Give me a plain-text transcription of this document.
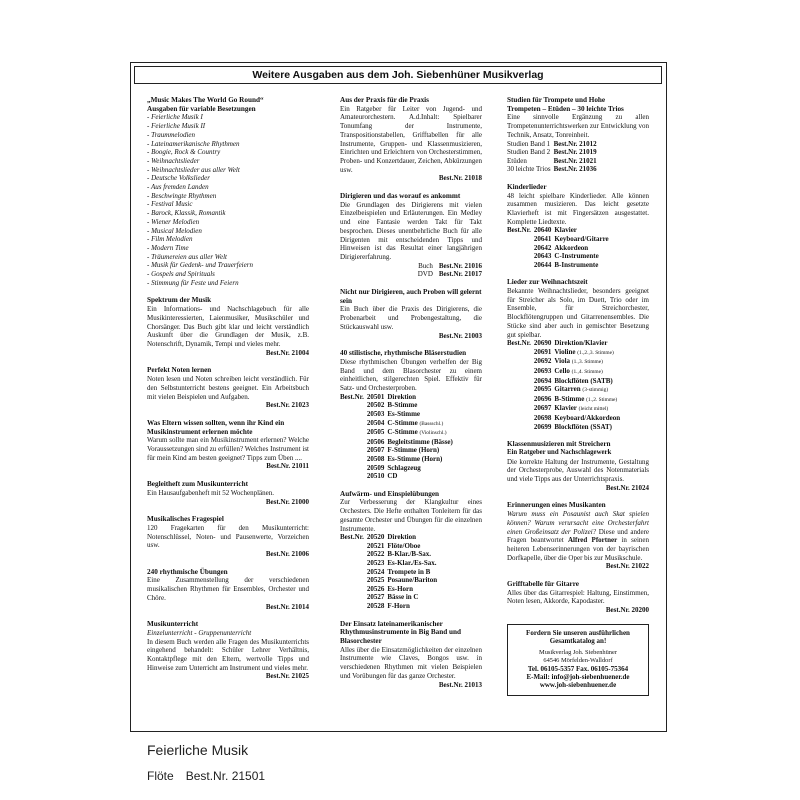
Weitere Ausgaben aus dem Joh. Siebenhüner Musikverlag
„Music Makes The World Go Round“
Ausgaben für variable Besetzungen
- Feierliche Musik I
- Feierliche Musik II
- Traummelodien
- Lateinamerikanische Rhythmen
- Boogie, Rock & Country
- Weihnachtslieder
- Weihnachtslieder aus aller Welt
- Deutsche Volkslieder
- Aus fremden Landen
- Beschwingte Rhythmen
- Festival Music
- Barock, Klassik, Romantik
- Wiener Melodien
- Musical Melodien
- Film Melodien
- Modern Time
- Träumereien aus aller Welt
- Musik für Gedenk- und Trauerfeiern
- Gospels and Spirituals
- Stimmung für Feste und Feiern
Spektrum der Musik
Ein Informations- und Nachschlagebuch für alle Musikinteressierten, Laienmusiker, Musikschüler und Chorsänger. Das Buch gibt klar und leicht verständlich Auskunft über die Grundlagen der Musik, z.B. Notenschrift, Dynamik, Tempi und vieles mehr.
Best.Nr. 21004
Perfekt Noten lernen
Noten lesen und Noten schreiben leicht verständlich. Für den Selbstunterricht bestens geeignet. Ein Arbeitsbuch mit vielen Beispielen und Aufgaben.
Best.Nr. 21023
Was Eltern wissen sollten, wenn ihr Kind ein Musikinstrument erlernen möchte
Warum sollte man ein Musikinstrument erlernen? Welche Voraussetzungen sind zu erfüllen? Welches Instrument ist für mein Kind am besten geeignet? Tipps zum Üben ....
Best.Nr. 21011
Begleitheft zum Musikunterricht
Ein Hausaufgabenheft mit 52 Wochenplänen.
Best.Nr. 21000
Musikalisches Fragespiel
120 Fragekarten für den Musikunterricht: Notenschlüssel, Noten- und Pausenwerte, Vorzeichen usw.
Best.Nr. 21006
240 rhythmische Übungen
Eine Zusammenstellung der verschiedenen musikalischen Rhythmen für Ensembles, Orchester und Chöre.
Best.Nr. 21014
Musikunterricht
Einzelunterricht - Gruppenunterricht
In diesem Buch werden alle Fragen des Musikunterrichts eingehend behandelt: Schüler Lehrer Verhältnis, Kontaktpflege mit den Eltern, wertvolle Tipps und Hinweise zum Unterricht am Instrument und vieles mehr.
Best.Nr. 21025
Aus der Praxis für die Praxis
Ein Ratgeber für Leiter von Jugend- und Amateurorchestern. A.d.Inhalt: Spielbarer Tonumfang der Instrumente, Transpositionstabellen, Grifftabellen für alle Instrumente, Gruppen- und Klassenmusizieren, Einrichten und Erleichtern von Orchesterstimmen, Proben- und Konzertdauer, Zeichen, Abkürzungen usw.
Best.Nr. 21018
Dirigieren und das worauf es ankommt
Die Grundlagen des Dirigierens mit vielen Einzelbeispielen und Erläuterungen. Ein Medley und eine Fantasie werden Takt für Takt besprochen. Dieses unentbehrliche Buch für alle Dirigenten mit entscheidenden Tipps und Hinweisen ist das Resultat einer langjährigen Dirigiererfahrung.
Buch Best.Nr. 21016
DVD Best.Nr. 21017
Nicht nur Dirigieren, auch Proben will gelernt sein
Ein Buch über die Praxis des Dirigierens, die Probenarbeit und Probengestaltung, die Stückauswahl usw.
Best.Nr. 21003
40 stilistische, rhythmische Bläserstudien
Diese rhythmischen Übungen verhelfen der Big Band und dem Blasorchester zu einem einheitlichen, stilgerechten Spiel. Effektiv für Satz- und Orchesterproben.
Best.Nr.	20501	Direktion
	20502	B-Stimme
	20503	Es-Stimme
	20504	C-Stimme (Bassschl.)
	20505	C-Stimme (Violinschl.)
	20506	Begleitstimme (Bässe)
	20507	F-Stimme (Horn)
	20508	Es-Stimme (Horn)
	20509	Schlagzeug
	20510	CD
Aufwärm- und Einspielübungen
Zur Verbesserung der Klangkultur eines Orchesters. Die Hefte enthalten Tonleitern für das gesamte Orchester und Übungen für die einzelnen Instrumente.
Best.Nr.	20520	Direktion
	20521	Flöte/Oboe
	20522	B-Klar./B-Sax.
	20523	Es-Klar./Es-Sax.
	20524	Trompete in B
	20525	Posaune/Bariton
	20526	Es-Horn
	20527	Bässe in C
	20528	F-Horn
Der Einsatz lateinamerikanischer Rhythmusinstrumente in Big Band und Blasorchester
Alles über die Einsatzmöglichkeiten der einzelnen Instrumente wie Claves, Bongos usw. in verschiedenen Rhythmen mit vielen Beispielen und Vorübungen für das ganze Orchester.
Best.Nr. 21013
Studien für Trompete und Hohe
Trompeten – Etüden – 30 leichte Trios
Eine sinnvolle Ergänzung zu allen Trompetenunterrichtswerken zur Entwicklung von Technik, Ansatz, Tonreinheit.
Studien Band 1	Best.Nr. 21012
Studien Band 2	Best.Nr. 21019
Etüden	Best.Nr. 21021
30 leichte Trios	Best.Nr. 21036
Kinderlieder
48 leicht spielbare Kinderlieder. Alle können zusammen musizieren. Das leicht gesetzte Klavierheft ist mit Fingersätzen ausgestattet. Komplette Liedtexte.
Best.Nr.	20640	Klavier
	20641	Keyboard/Gitarre
	20642	Akkordeon
	20643	C-Instrumente
	20644	B-Instrumente
Lieder zur Weihnachtszeit
Bekannte Weihnachtslieder, besonders geeignet für Streicher als Solo, im Duett, Trio oder im Ensemble, für Streichorchester, Blockflötengruppen und Gitarrenensembles. Die Stücke sind aber auch in gemischter Besetzung gut spielbar.
Best.Nr.	20690	Direktion/Klavier
	20691	Violine (1.,2.,3. Stimme)
	20692	Viola (1.,3. Stimme)
	20693	Cello (1.,4. Stimme)
	20694	Blockflöten (SATB)
	20695	Gitarren (3-stimmig)
	20696	B-Stimme (1.,2. Stimme)
	20697	Klavier (leicht mittel)
	20698	Keyboard/Akkordeon
	20699	Blockflöten (SSAT)
Klassenmusizieren mit Streichern
Ein Ratgeber und Nachschlagewerk
Die korrekte Haltung der Instrumente, Gestaltung der Orchesterprobe, Auswahl des Notenmaterials und viele Tipps aus der Unterrichtspraxis.
Best.Nr. 21024
Erinnerungen eines Musikanten
Warum muss ein Posaunist auch Skat spielen können? Warum verursacht eine Orchesterfahrt einen Großeinsatz der Polizei? Diese und andere Fragen beantwortet Alfred Pfortner in seinen heiteren Lebenserinnerungen von der bayrischen Dorfkapelle, über die Oper bis zur Musikschule.
Best.Nr. 21022
Grifftabelle für Gitarre
Alles über das Gitarrespiel: Haltung, Einstimmen, Noten lesen, Akkorde, Kapodaster.
Best.Nr. 20200
Fordern Sie unseren ausführlichen
Gesamtkatalog an!
Musikverlag Joh. Siebenhüner
64546 Mörfelden-Walldorf
Tel. 06105-5357 Fax. 06105-75364
E-Mail: info@joh-siebenhuener.de
www.joh-siebenhuener.de
Feierliche Musik
Flöte Best.Nr. 21501
